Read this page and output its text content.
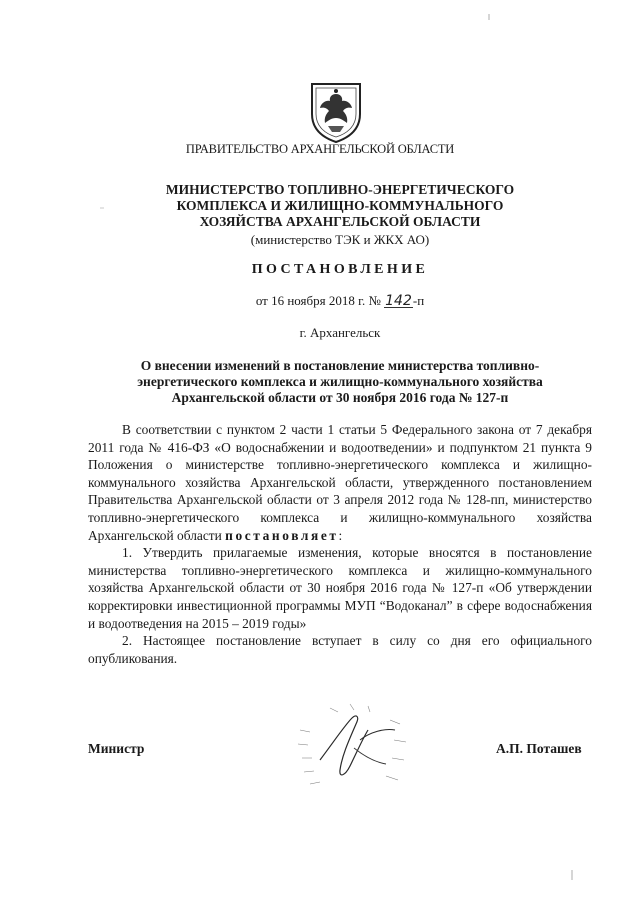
ПРАВИТЕЛЬСТВО АРХАНГЕЛЬСКОЙ ОБЛАСТИ
МИНИСТЕРСТВО ТОПЛИВНО-ЭНЕРГЕТИЧЕСКОГО
КОМПЛЕКСА И ЖИЛИЩНО-КОММУНАЛЬНОГО
ХОЗЯЙСТВА АРХАНГЕЛЬСКОЙ ОБЛАСТИ
(министерство ТЭК и ЖКХ АО)
ПОСТАНОВЛЕНИЕ
от 16 ноября 2018 г. № 142-п
г. Архангельск
О внесении изменений в постановление министерства топливно-
энергетического комплекса и жилищно-коммунального хозяйства
Архангельской области от 30 ноября 2016 года № 127-п

В соответствии с пунктом 2 части 1 статьи 5 Федерального закона от 7 декабря 2011 года № 416-ФЗ «О водоснабжении и водоотведении» и подпунктом 21 пункта 9 Положения о министерстве топливно-энергетического комплекса и жилищно-коммунального хозяйства Архангельской области, утвержденного постановлением Правительства Архангельской области от 3 апреля 2012 года № 128-пп, министерство топливно-энергетического комплекса и жилищно-коммунального хозяйства Архангельской области постановляет:

1. Утвердить прилагаемые изменения, которые вносятся в постановление министерства топливно-энергетического комплекса и жилищно-коммунального хозяйства Архангельской области от 30 ноября 2016 года № 127-п «Об утверждении корректировки инвестиционной программы МУП “Водоканал” в сфере водоснабжения и водоотведения на 2015 – 2019 годы»

2. Настоящее постановление вступает в силу со дня его официального опубликования.

Министр	А.П. Поташев
